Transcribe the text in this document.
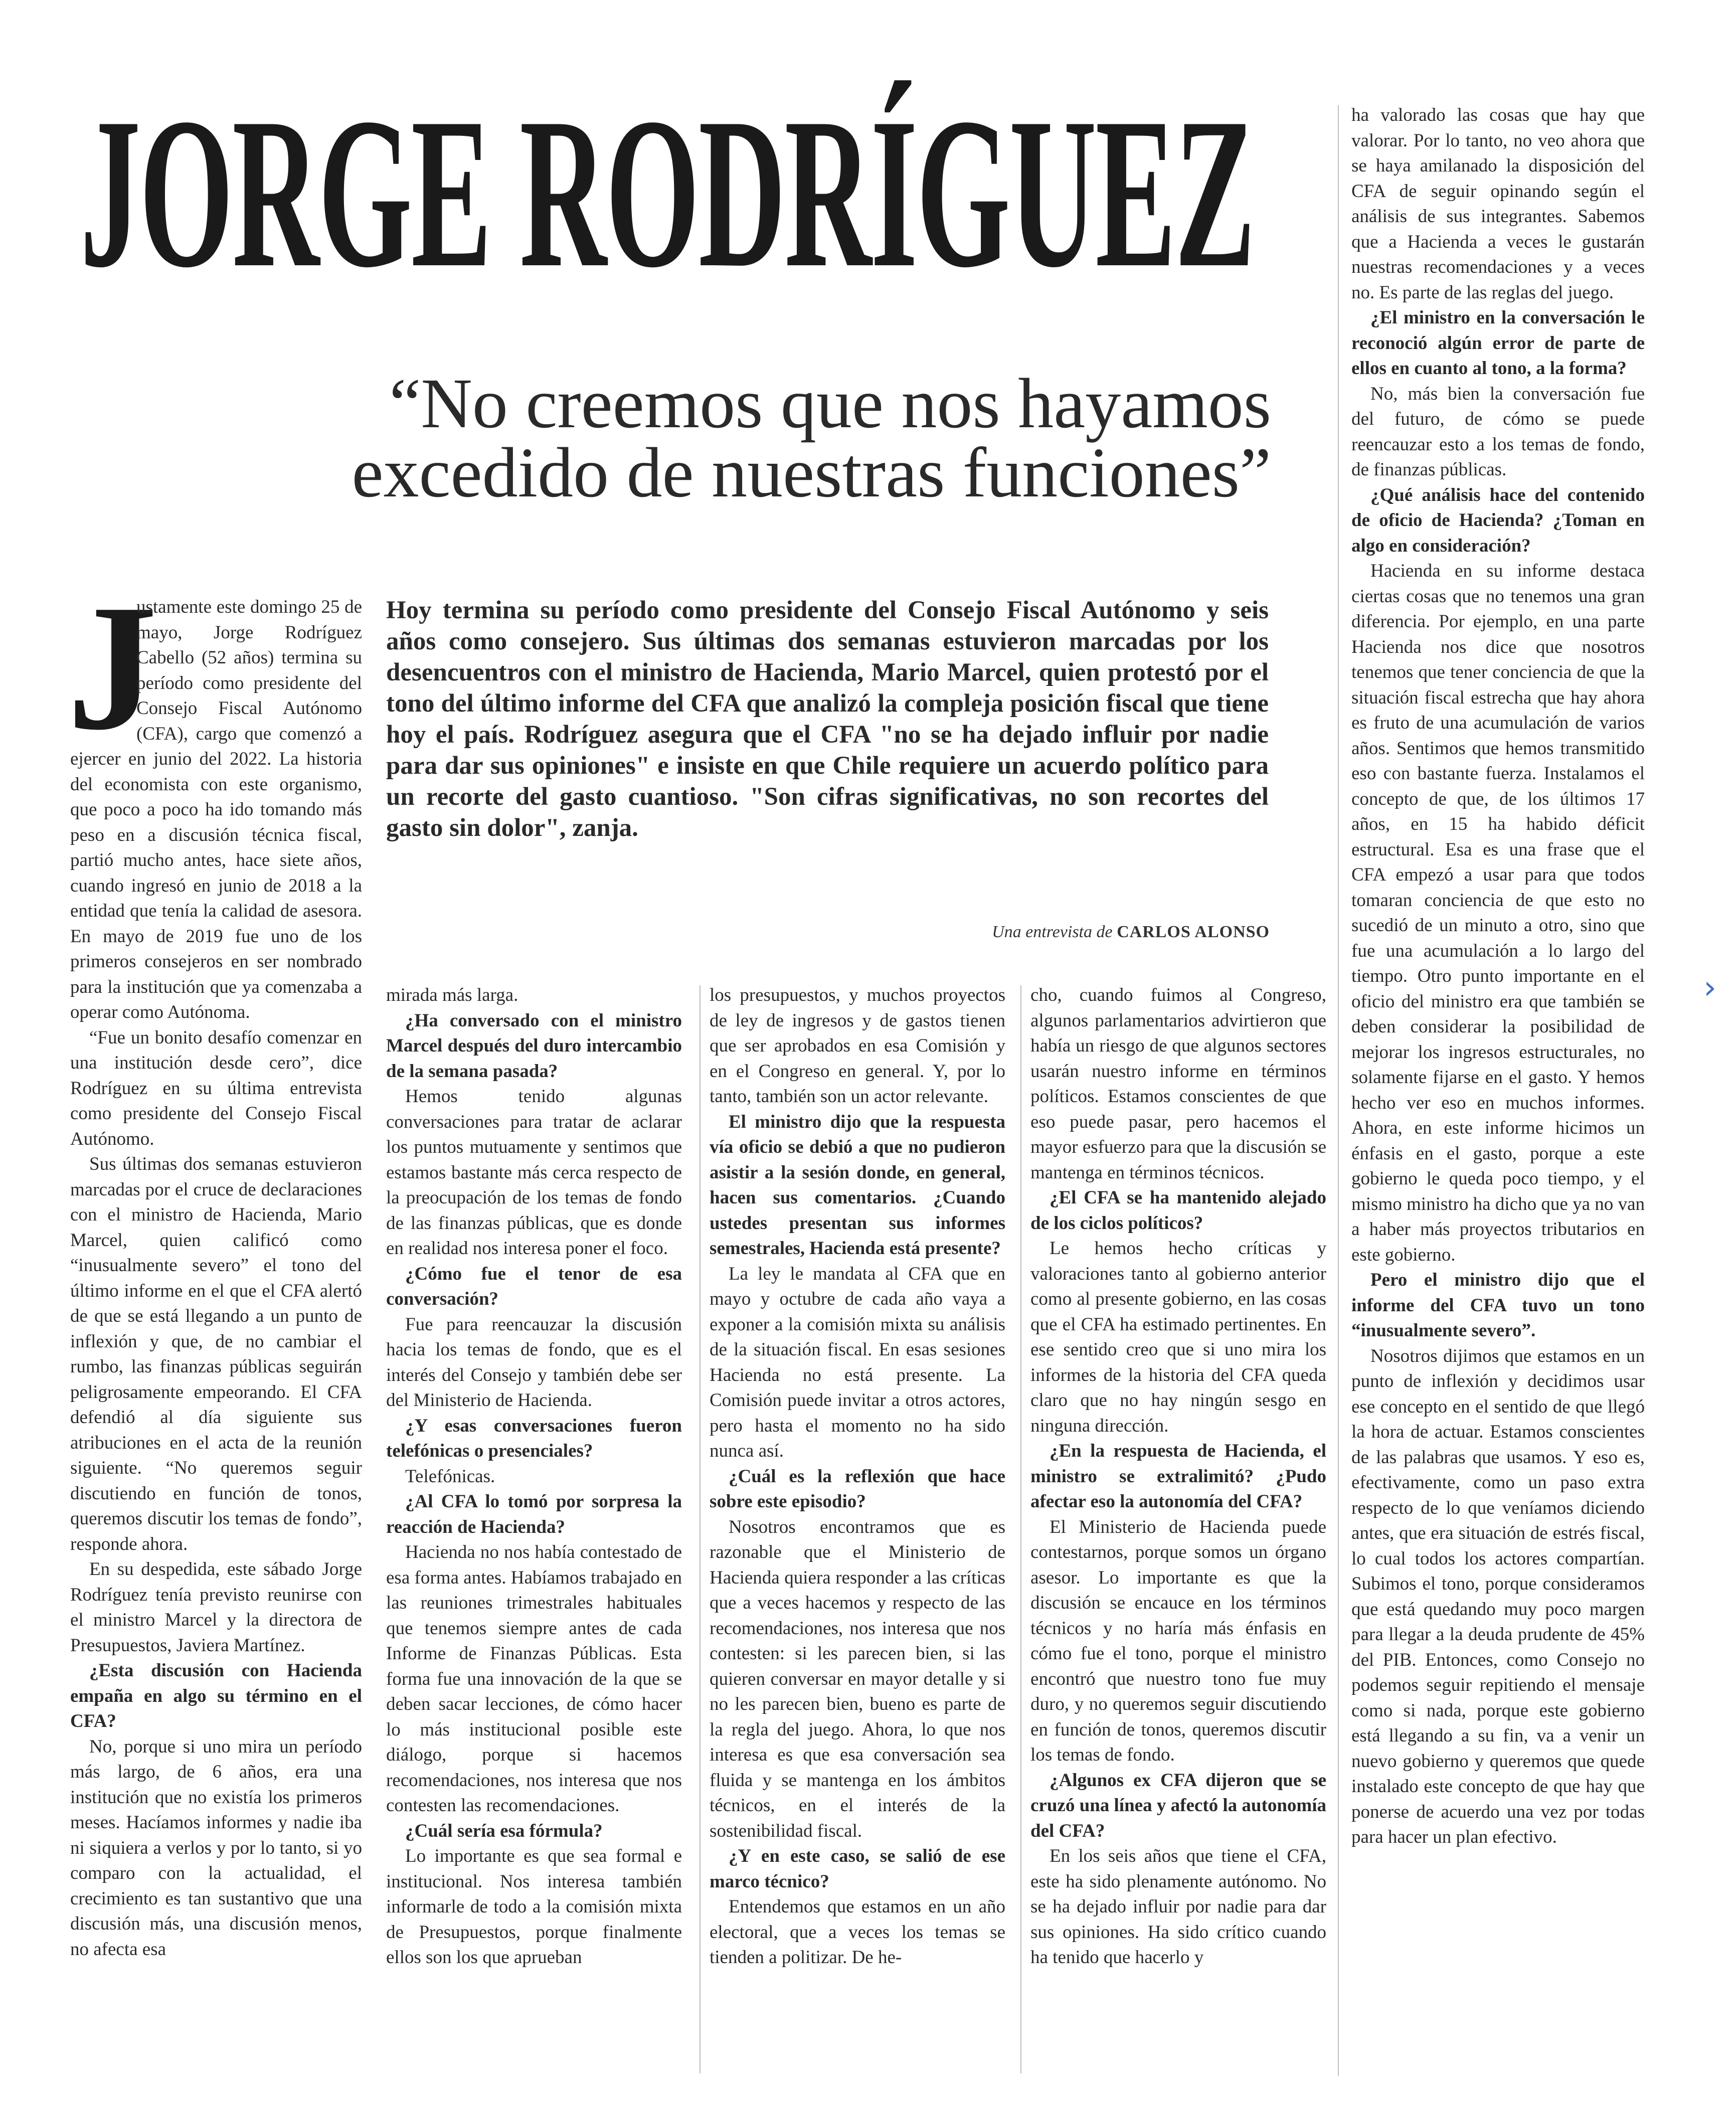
JORGE RODRÍGUEZ
“No creemos que nos hayamos excedido de nuestras funciones”
Hoy termina su período como presidente del Consejo Fiscal Autónomo y seis años como consejero. Sus últimas dos semanas estuvieron marcadas por los desencuentros con el ministro de Hacienda, Mario Marcel, quien protestó por el tono del último informe del CFA que analizó la compleja posición fiscal que tiene hoy el país. Rodríguez asegura que el CFA "no se ha dejado influir por nadie para dar sus opiniones" e insiste en que Chile requiere un acuerdo político para un recorte del gasto cuantioso. "Son cifras significativas, no son recortes del gasto sin dolor", zanja.
Una entrevista de CARLOS ALONSO

J
ustamente este domingo 25 de mayo, Jorge Rodríguez Cabello (52 años) termina su período como presidente del Consejo Fiscal Autónomo (CFA), cargo que comenzó a ejercer en junio del 2022. La historia del economista con este organismo, que poco a poco ha ido tomando más peso en a discusión técnica fiscal, partió mucho antes, hace siete años, cuando ingresó en junio de 2018 a la entidad que tenía la calidad de asesora. En mayo de 2019 fue uno de los primeros consejeros en ser nombrado para la institución que ya comenzaba a operar como Autónoma.

“Fue un bonito desafío comenzar en una institución desde cero”, dice Rodríguez en su última entrevista como presidente del Consejo Fiscal Autónomo.

Sus últimas dos semanas estuvieron marcadas por el cruce de declaraciones con el ministro de Hacienda, Mario Marcel, quien calificó como “inusualmente severo” el tono del último informe en el que el CFA alertó de que se está llegando a un punto de inflexión y que, de no cambiar el rumbo, las finanzas públicas seguirán peligrosamente empeorando. El CFA defendió al día siguiente sus atribuciones en el acta de la reunión siguiente. “No queremos seguir discutiendo en función de tonos, queremos discutir los temas de fondo”, responde ahora.

En su despedida, este sábado Jorge Rodríguez tenía previsto reunirse con el ministro Marcel y la directora de Presupuestos, Javiera Martínez.

¿Esta discusión con Hacienda empaña en algo su término en el CFA?

No, porque si uno mira un período más largo, de 6 años, era una institución que no existía los primeros meses. Hacíamos informes y nadie iba ni siquiera a verlos y por lo tanto, si yo comparo con la actualidad, el crecimiento es tan sustantivo que una discusión más, una discusión menos, no afecta esa

mirada más larga.

¿Ha conversado con el ministro Marcel después del duro intercambio de la semana pasada?

Hemos tenido algunas conversaciones para tratar de aclarar los puntos mutuamente y sentimos que estamos bastante más cerca respecto de la preocupación de los temas de fondo de las finanzas públicas, que es donde en realidad nos interesa poner el foco.

¿Cómo fue el tenor de esa conversación?

Fue para reencauzar la discusión hacia los temas de fondo, que es el interés del Consejo y también debe ser del Ministerio de Hacienda.

¿Y esas conversaciones fueron telefónicas o presenciales?

Telefónicas.

¿Al CFA lo tomó por sorpresa la reacción de Hacienda?

Hacienda no nos había contestado de esa forma antes. Habíamos trabajado en las reuniones trimestrales habituales que tenemos siempre antes de cada Informe de Finanzas Públicas. Esta forma fue una innovación de la que se deben sacar lecciones, de cómo hacer lo más institucional posible este diálogo, porque si hacemos recomendaciones, nos interesa que nos contesten las recomendaciones.

¿Cuál sería esa fórmula?

Lo importante es que sea formal e institucional. Nos interesa también informarle de todo a la comisión mixta de Presupuestos, porque finalmente ellos son los que aprueban

los presupuestos, y muchos proyectos de ley de ingresos y de gastos tienen que ser aprobados en esa Comisión y en el Congreso en general. Y, por lo tanto, también son un actor relevante.

El ministro dijo que la respuesta vía oficio se debió a que no pudieron asistir a la sesión donde, en general, hacen sus comentarios. ¿Cuando ustedes presentan sus informes semestrales, Hacienda está presente?

La ley le mandata al CFA que en mayo y octubre de cada año vaya a exponer a la comisión mixta su análisis de la situación fiscal. En esas sesiones Hacienda no está presente. La Comisión puede invitar a otros actores, pero hasta el momento no ha sido nunca así.

¿Cuál es la reflexión que hace sobre este episodio?

Nosotros encontramos que es razonable que el Ministerio de Hacienda quiera responder a las críticas que a veces hacemos y respecto de las recomendaciones, nos interesa que nos contesten: si les parecen bien, si las quieren conversar en mayor detalle y si no les parecen bien, bueno es parte de la regla del juego. Ahora, lo que nos interesa es que esa conversación sea fluida y se mantenga en los ámbitos técnicos, en el interés de la sostenibilidad fiscal.

¿Y en este caso, se salió de ese marco técnico?

Entendemos que estamos en un año electoral, que a veces los temas se tienden a politizar. De he-

cho, cuando fuimos al Congreso, algunos parlamentarios advirtieron que había un riesgo de que algunos sectores usarán nuestro informe en términos políticos. Estamos conscientes de que eso puede pasar, pero hacemos el mayor esfuerzo para que la discusión se mantenga en términos técnicos.

¿El CFA se ha mantenido alejado de los ciclos políticos?

Le hemos hecho críticas y valoraciones tanto al gobierno anterior como al presente gobierno, en las cosas que el CFA ha estimado pertinentes. En ese sentido creo que si uno mira los informes de la historia del CFA queda claro que no hay ningún sesgo en ninguna dirección.

¿En la respuesta de Hacienda, el ministro se extralimitó? ¿Pudo afectar eso la autonomía del CFA?

El Ministerio de Hacienda puede contestarnos, porque somos un órgano asesor. Lo importante es que la discusión se encauce en los términos técnicos y no haría más énfasis en cómo fue el tono, porque el ministro encontró que nuestro tono fue muy duro, y no queremos seguir discutiendo en función de tonos, queremos discutir los temas de fondo.

¿Algunos ex CFA dijeron que se cruzó una línea y afectó la autonomía del CFA?

En los seis años que tiene el CFA, este ha sido plenamente autónomo. No se ha dejado influir por nadie para dar sus opiniones. Ha sido crítico cuando ha tenido que hacerlo y

ha valorado las cosas que hay que valorar. Por lo tanto, no veo ahora que se haya amilanado la disposición del CFA de seguir opinando según el análisis de sus integrantes. Sabemos que a Hacienda a veces le gustarán nuestras recomendaciones y a veces no. Es parte de las reglas del juego.

¿El ministro en la conversación le reconoció algún error de parte de ellos en cuanto al tono, a la forma?

No, más bien la conversación fue del futuro, de cómo se puede reencauzar esto a los temas de fondo, de finanzas públicas.

¿Qué análisis hace del contenido de oficio de Hacienda? ¿Toman en algo en consideración?

Hacienda en su informe destaca ciertas cosas que no tenemos una gran diferencia. Por ejemplo, en una parte Hacienda nos dice que nosotros tenemos que tener conciencia de que la situación fiscal estrecha que hay ahora es fruto de una acumulación de varios años. Sentimos que hemos transmitido eso con bastante fuerza. Instalamos el concepto de que, de los últimos 17 años, en 15 ha habido déficit estructural. Esa es una frase que el CFA empezó a usar para que todos tomaran conciencia de que esto no sucedió de un minuto a otro, sino que fue una acumulación a lo largo del tiempo. Otro punto importante en el oficio del ministro era que también se deben considerar la posibilidad de mejorar los ingresos estructurales, no solamente fijarse en el gasto. Y hemos hecho ver eso en muchos informes. Ahora, en este informe hicimos un énfasis en el gasto, porque a este gobierno le queda poco tiempo, y el mismo ministro ha dicho que ya no van a haber más proyectos tributarios en este gobierno.

Pero el ministro dijo que el informe del CFA tuvo un tono “inusualmente severo”.

Nosotros dijimos que estamos en un punto de inflexión y decidimos usar ese concepto en el sentido de que llegó la hora de actuar. Estamos conscientes de las palabras que usamos. Y eso es, efectivamente, como un paso extra respecto de lo que veníamos diciendo antes, que era situación de estrés fiscal, lo cual todos los actores compartían. Subimos el tono, porque consideramos que está quedando muy poco margen para llegar a la deuda prudente de 45% del PIB. Entonces, como Consejo no podemos seguir repitiendo el mensaje como si nada, porque este gobierno está llegando a su fin, va a venir un nuevo gobierno y queremos que quede instalado este concepto de que hay que ponerse de acuerdo una vez por todas para hacer un plan efectivo.

›
